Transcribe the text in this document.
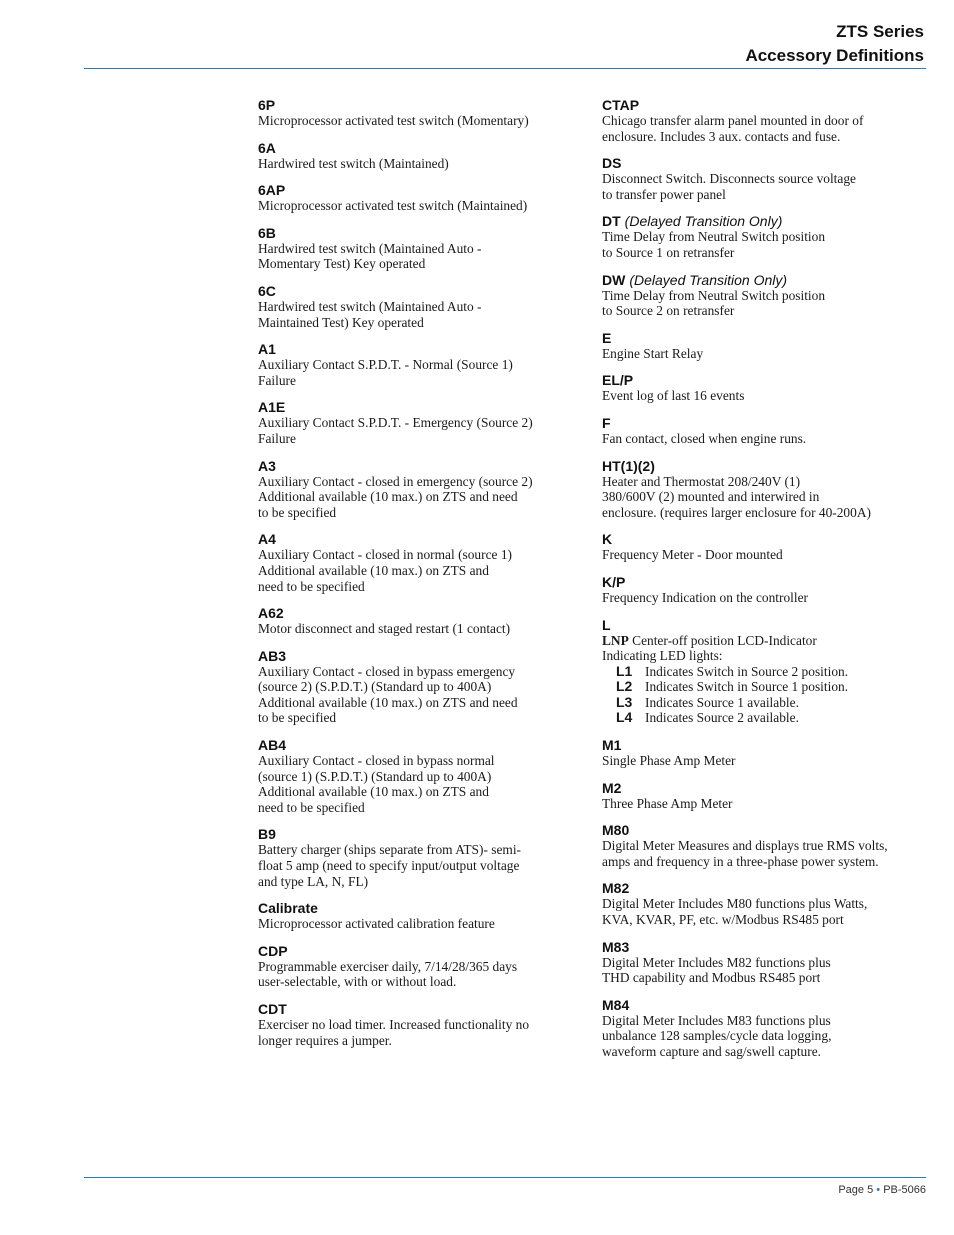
ZTS Series
Accessory Definitions
6P
Microprocessor activated test switch (Momentary)
6A
Hardwired test switch (Maintained)
6AP
Microprocessor activated test switch (Maintained)
6B
Hardwired test switch (Maintained Auto -
Momentary Test) Key operated
6C
Hardwired test switch (Maintained Auto -
Maintained Test) Key operated
A1
Auxiliary Contact S.P.D.T. - Normal (Source 1)
Failure
A1E
Auxiliary Contact S.P.D.T. - Emergency (Source 2)
Failure
A3
Auxiliary Contact - closed in emergency (source 2)
Additional available (10 max.) on ZTS and need
to be specified
A4
Auxiliary Contact - closed in normal (source 1)
Additional available (10 max.) on ZTS and
need to be specified
A62
Motor disconnect and staged restart (1 contact)
AB3
Auxiliary Contact - closed in bypass emergency
(source 2) (S.P.D.T.) (Standard up to 400A)
Additional available (10 max.) on ZTS and need
to be specified
AB4
Auxiliary Contact - closed in bypass normal
(source 1) (S.P.D.T.) (Standard up to 400A)
Additional available (10 max.) on ZTS and
need to be specified
B9
Battery charger (ships separate from ATS)- semi-
float 5 amp (need to specify input/output voltage
and type LA, N, FL)
Calibrate
Microprocessor activated calibration feature
CDP
Programmable exerciser daily, 7/14/28/365 days
user-selectable, with or without load.
CDT
Exerciser no load timer. Increased functionality no
longer requires a jumper.
CTAP
Chicago transfer alarm panel mounted in door of
enclosure. Includes 3 aux. contacts and fuse.
DS
Disconnect Switch. Disconnects source voltage
to transfer power panel
DT (Delayed Transition Only)
Time Delay from Neutral Switch position
to Source 1 on retransfer
DW (Delayed Transition Only)
Time Delay from Neutral Switch position
to Source 2 on retransfer
E
Engine Start Relay
EL/P
Event log of last 16 events
F
Fan contact, closed when engine runs.
HT(1)(2)
Heater and Thermostat 208/240V (1)
380/600V (2) mounted and interwired in
enclosure. (requires larger enclosure for 40-200A)
K
Frequency Meter - Door mounted
K/P
Frequency Indication on the controller
L
LNP Center-off position LCD-Indicator
Indicating LED lights:
L1 Indicates Switch in Source 2 position.
L2 Indicates Switch in Source 1 position.
L3 Indicates Source 1 available.
L4 Indicates Source 2 available.
M1
Single Phase Amp Meter
M2
Three Phase Amp Meter
M80
Digital Meter Measures and displays true RMS volts,
amps and frequency in a three-phase power system.
M82
Digital Meter Includes M80 functions plus Watts,
KVA, KVAR, PF, etc. w/Modbus RS485 port
M83
Digital Meter Includes M82 functions plus
THD capability and Modbus RS485 port
M84
Digital Meter Includes M83 functions plus
unbalance 128 samples/cycle data logging,
waveform capture and sag/swell capture.
Page 5 • PB-5066
